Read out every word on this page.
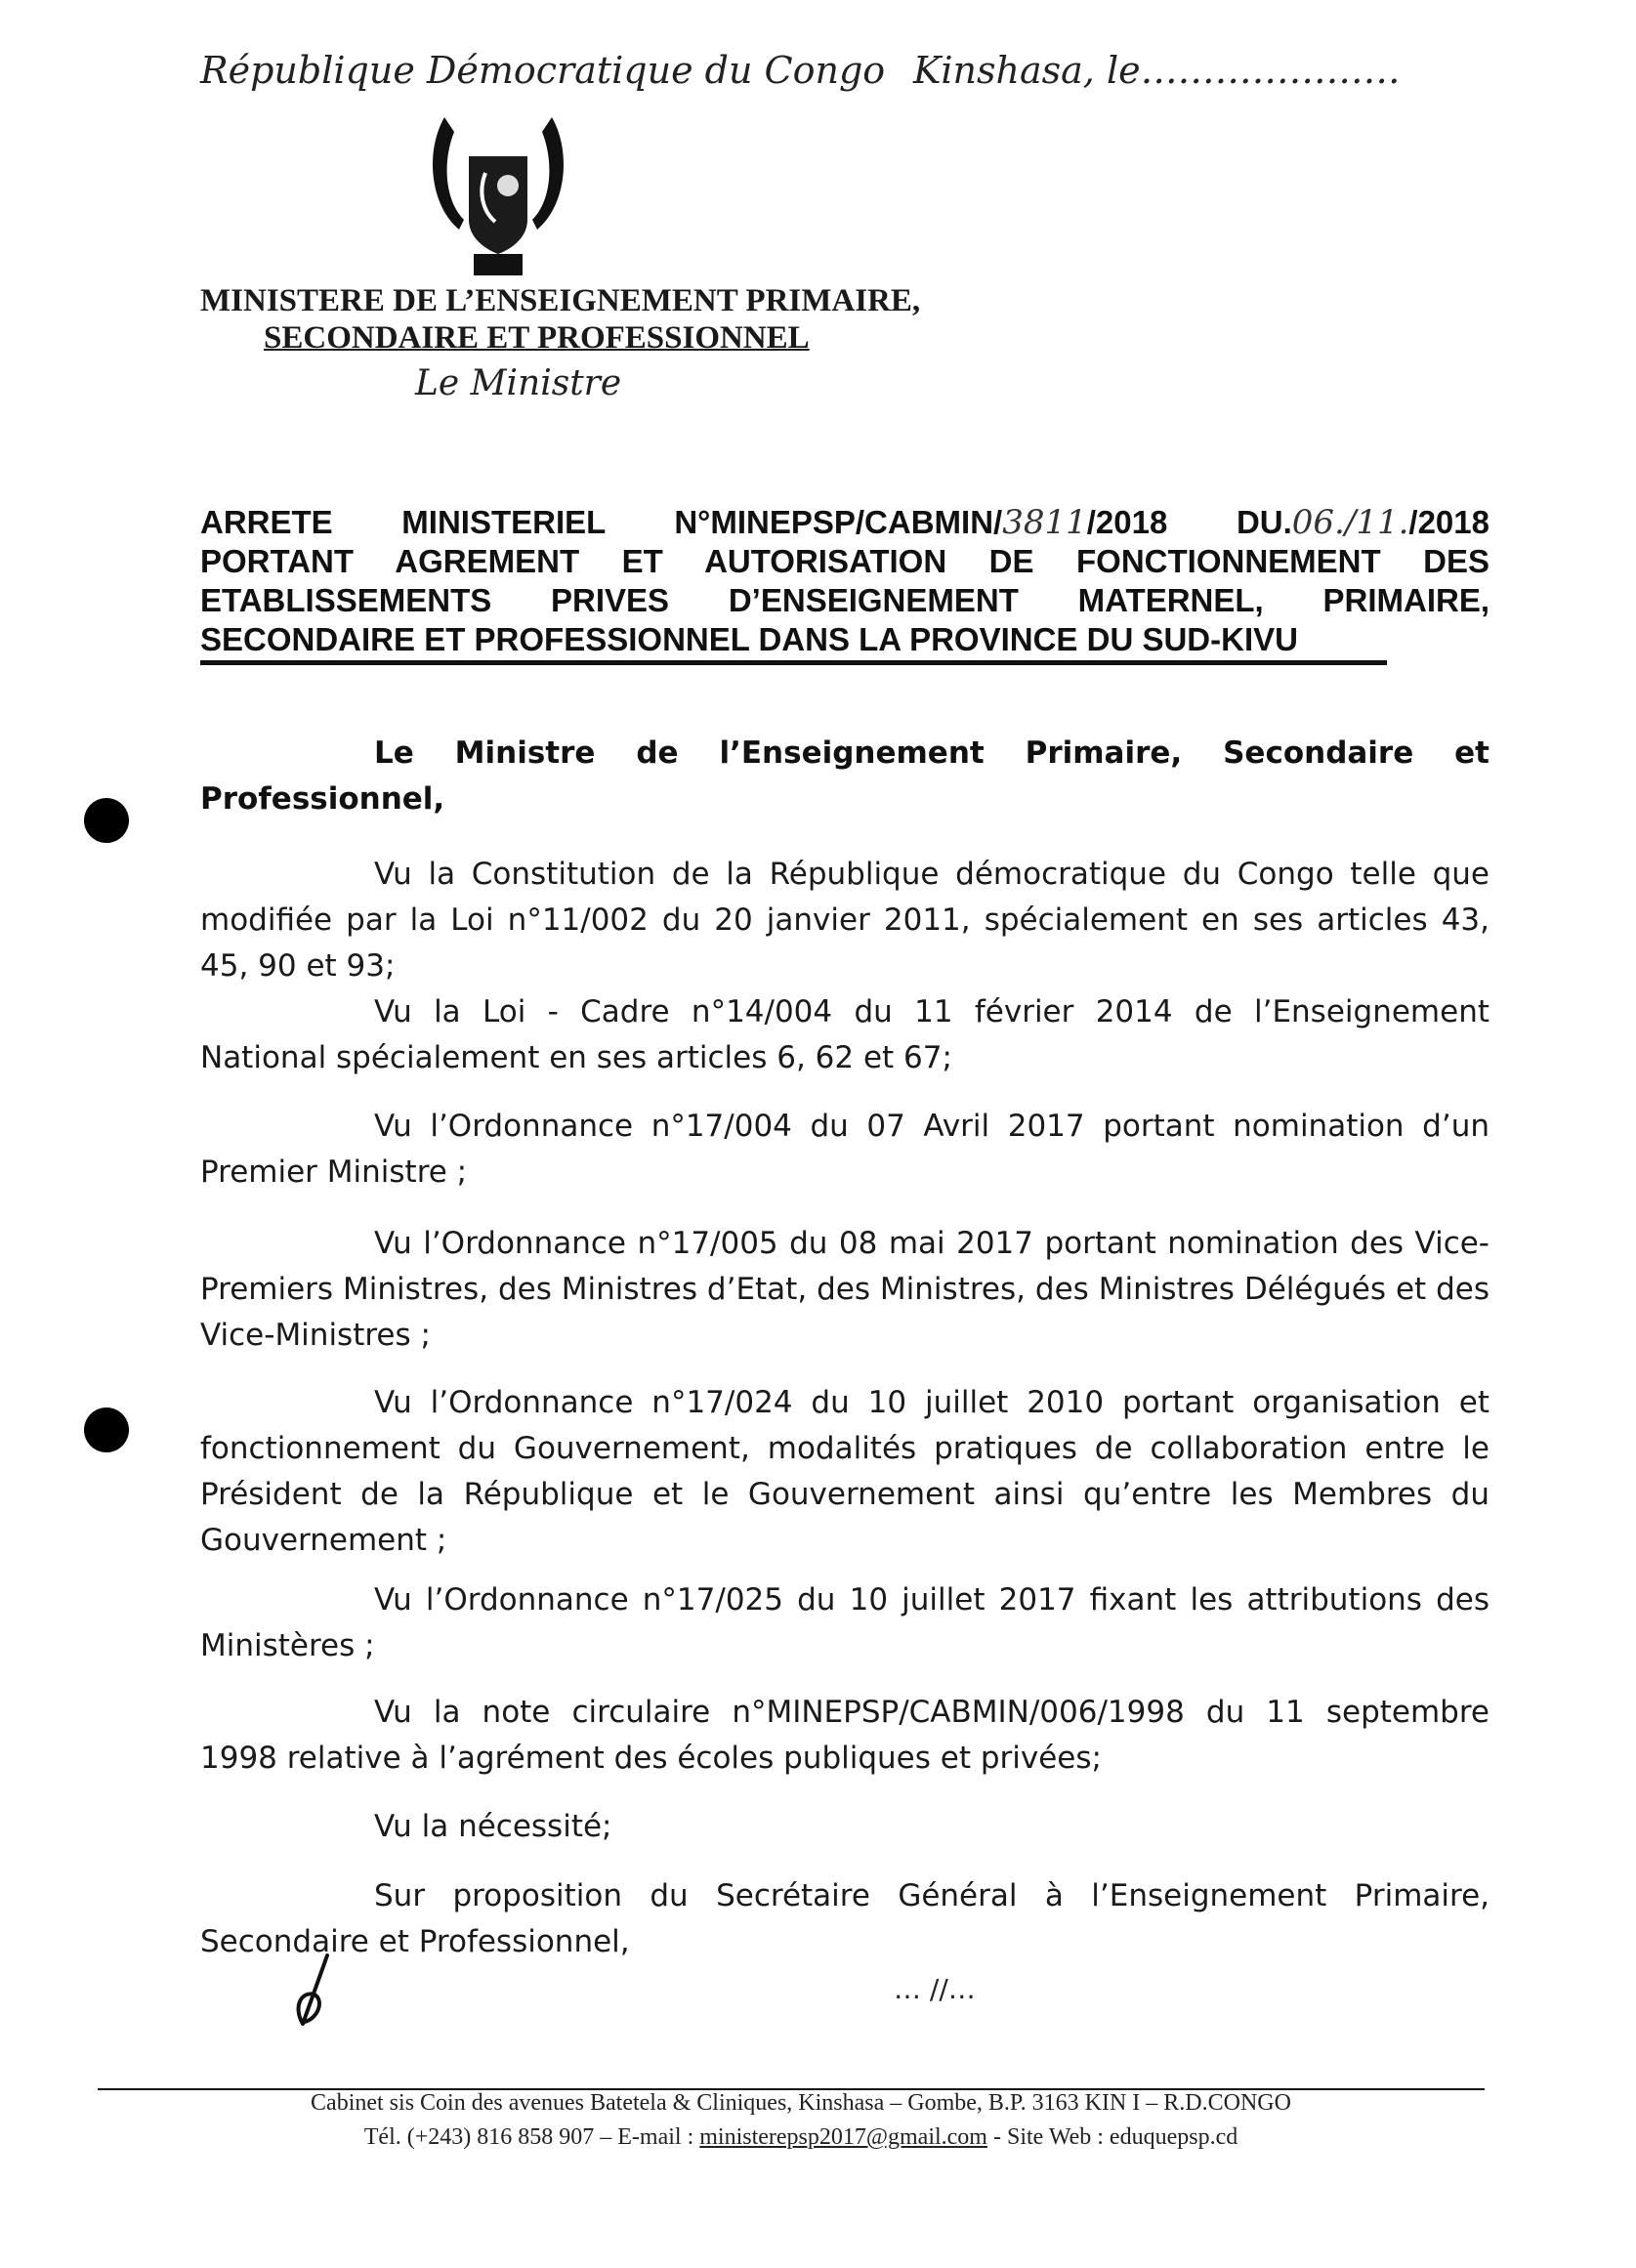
République Démocratique du Congo Kinshasa, le…………………
MINISTERE DE L’ENSEIGNEMENT PRIMAIRE,
SECONDAIRE ET PROFESSIONNEL
Le Ministre
ARRETE MINISTERIEL N°MINEPSP/CABMIN/3811/2018 DU.06./11./2018
PORTANT AGREMENT ET AUTORISATION DE FONCTIONNEMENT DES
ETABLISSEMENTS PRIVES D’ENSEIGNEMENT MATERNEL, PRIMAIRE,
SECONDAIRE ET PROFESSIONNEL DANS LA PROVINCE DU SUD-KIVU
Le Ministre de l’Enseignement Primaire, Secondaire et
Professionnel,
Vu la Constitution de la République démocratique du Congo telle que modifiée par la Loi n°11/002 du 20 janvier 2011, spécialement en ses articles 43, 45, 90 et 93;
Vu la Loi - Cadre n°14/004 du 11 février 2014 de l’Enseignement National spécialement en ses articles 6, 62 et 67;
Vu l’Ordonnance n°17/004 du 07 Avril 2017 portant nomination d’un Premier Ministre ;
Vu l’Ordonnance n°17/005 du 08 mai 2017 portant nomination des Vice-Premiers Ministres, des Ministres d’Etat, des Ministres, des Ministres Délégués et des Vice-Ministres ;
Vu l’Ordonnance n°17/024 du 10 juillet 2010 portant organisation et fonctionnement du Gouvernement, modalités pratiques de collaboration entre le Président de la République et le Gouvernement ainsi qu’entre les Membres du Gouvernement ;
Vu l’Ordonnance n°17/025 du 10 juillet 2017 fixant les attributions des Ministères ;
Vu la note circulaire n°MINEPSP/CABMIN/006/1998 du 11 septembre 1998 relative à l’agrément des écoles publiques et privées;
Vu la nécessité;
Sur proposition du Secrétaire Général à l’Enseignement Primaire, Secondaire et Professionnel,
… //…
Cabinet sis Coin des avenues Batetela & Cliniques, Kinshasa – Gombe, B.P. 3163 KIN I – R.D.CONGO
Tél. (+243) 816 858 907 – E-mail : ministerepsp2017@gmail.com - Site Web : eduquepsp.cd
